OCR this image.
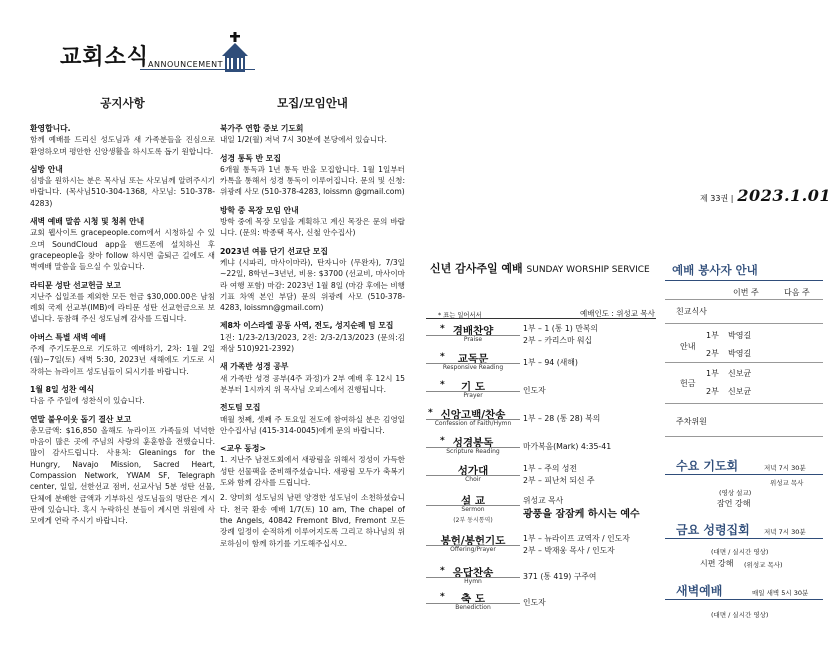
교회소식
ANNOUNCEMENT
공지사항
환영합니다.

함께 예배를 드리신 성도님과 새 가족분들을 진심으로 환영하오며 평안한 신앙생활을 하시도록 돕기 원합니다.

심방 안내

심방을 원하시는 분은 목사님 또는 사모님께 알려주시기 바랍니다. (목사님510-304-1368, 사모님: 510-378-4283)

새벽 예배 말씀 시청 및 청취 안내

교회 웹사이트 gracepeople.com에서 시청하실 수 있으며 SoundCloud app을 핸드폰에 설치하신 후 gracepeople을 찾아 follow 하시면 출퇴근 길에도 새벽예배 말씀을 들으실 수 있습니다.

라티문 성탄 선교헌금 보고

지난주 십일조를 제외한 모든 헌금 $30,000.00은 남침례회 국제 선교부(IMB)에 라티문 성탄 선교헌금으로 보냅니다. 동참해 주신 성도님께 감사를 드립니다.

아버스 특별 새벽 예배

주제 주기도문으로 기도하고 예배하기, 2차: 1월 2일(월)~7일(토) 새벽 5:30, 2023년 새해에도 기도로 시작하는 뉴라이프 성도님들이 되시기를 바랍니다.

1월 8일 성찬 예식

다음 주 주일에 성찬식이 있습니다.

연말 불우이웃 돕기 결산 보고

총모금액: $16,850 올해도 뉴라이프 가족들의 넉넉한 마음이 많은 곳에 주님의 사랑의 훈훈함을 전했습니다. 많이 감사드립니다. 사용처: Gleanings for the Hungry, Navajo Mission, Sacred Heart, Compassion Network, YWAM SF, Telegraph center, 일일, 선한선교 점버, 선교사님 5분 성탄 선물, 단체에 분배한 금액과 기부하신 성도님들의 명단은 게시판에 있습니다. 혹시 누락하신 분들이 계시면 위원에 사모에게 연락 주시기 바랍니다.

모집/모임안내
북가주 연합 중보 기도회

내일 1/2(월) 저녁 7시 30분에 본당에서 있습니다.

성경 통독 반 모집

6개월 통독과 1년 통독 반을 모집합니다. 1월 1일부터 카톡을 통해서 성경 통독이 이루어집니다. 문의 및 신청: 위광례 사모 (510-378-4283, loissmn @gmail.com)

방학 중 목장 모임 안내

방학 중에 목장 모임을 계획하고 계신 목장은 문의 바랍니다. (문의: 박종택 목사, 신철 안수집사)

2023년 여름 단기 선교단 모집

케냐 (시파리, 마사이마라), 탄자니아 (무완자), 7/3일~22일, 8학년~3년년, 비용: $3700 (선교비, 마사이마라 여행 포함) 마감: 2023년 1월 8일 (마감 후에는 비행기표 차액 본인 부담) 문의 위광례 사모 (510-378-4283, loissmn@gmail.com)

제8차 이스라엘 공동 사역, 전도, 성지순례 팀 모집

1진: 1/23-2/13/2023, 2진: 2/3-2/13/2023 (문의:김재삼 510)921-2392)

새 가족반 성경 공부

새 가족반 성경 공부(4주 과정)가 2부 예배 후 12시 15분부터 1시까지 위 목사님 오피스에서 진행됩니다.

전도팀 모집

매월 첫째, 셋째 주 토요일 전도에 참여하실 분은 김영일 안수집사님 (415-314-0045)에게 문의 바랍니다.

<교우 동정>

1. 지난주 남전도회에서 새광림을 위해서 정성이 가득한 성탄 선물팩을 준비해주셨습니다. 새광림 모두가 축복기도와 함께 감사를 드립니다.

2. 양미희 성도님의 남편 양경한 성도님이 소천하셨습니다. 천국 환송 예배 1/7(토) 10 am, The chapel of the Angels, 40842 Fremont Blvd, Fremont 모든 장례 일정이 순적하게 이루어지도록 그리고 하나님의 위로하심이 함께 하기를 기도해주십시오.

제 33권 | 2023.1.01
신년 감사주일 예배 SUNDAY WORSHIP SERVICE
* 표는 일어서서	예배인도 : 위성교 목사
* 경배찬양
Praise
1부 – 1 (통 1) 만복의
2부 – 카리스마 워십
*	교독문
Responsive Reading
1부 – 94 (새해)
*	기 도
Prayer
인도자
* 신앙고백/찬송
Confession of Faith/Hymn
1부 – 28 (통 28) 복의
* 성경봉독
Scripture Reading
마가복음(Mark) 4:35-41
성가대
Choir
1부 – 주의 성전
2부 – 피난처 되신 주
설 교
Sermon
(2부 동시통역)
위성교 목사
광풍을 잠잠케 하시는 예수
봉헌/봉헌기도
Offering/Prayer
1부 – 뉴라이프 교역자 / 인도자
2부 – 박재웅 목사 / 인도자
* 응답찬송
Hymn
371 (통 419) 구주여
*	축 도
Benediction
인도자
예배 봉사자 안내
이번 주	다음 주
친교식사
안내
1부 박영길
2부 박영길
헌금
1부 신보균
2부 신보균
주차위원
수요 기도회	저녁 7시 30분
위성교 목사
(영상 설교)
잠언 강해
금요 성령집회 저녁 7시 30분
(대면 / 실시간 영상)
시편 강해 (위성교 목사)
새벽예배	매일 새벽 5시 30분
(대면 / 실시간 영상)
